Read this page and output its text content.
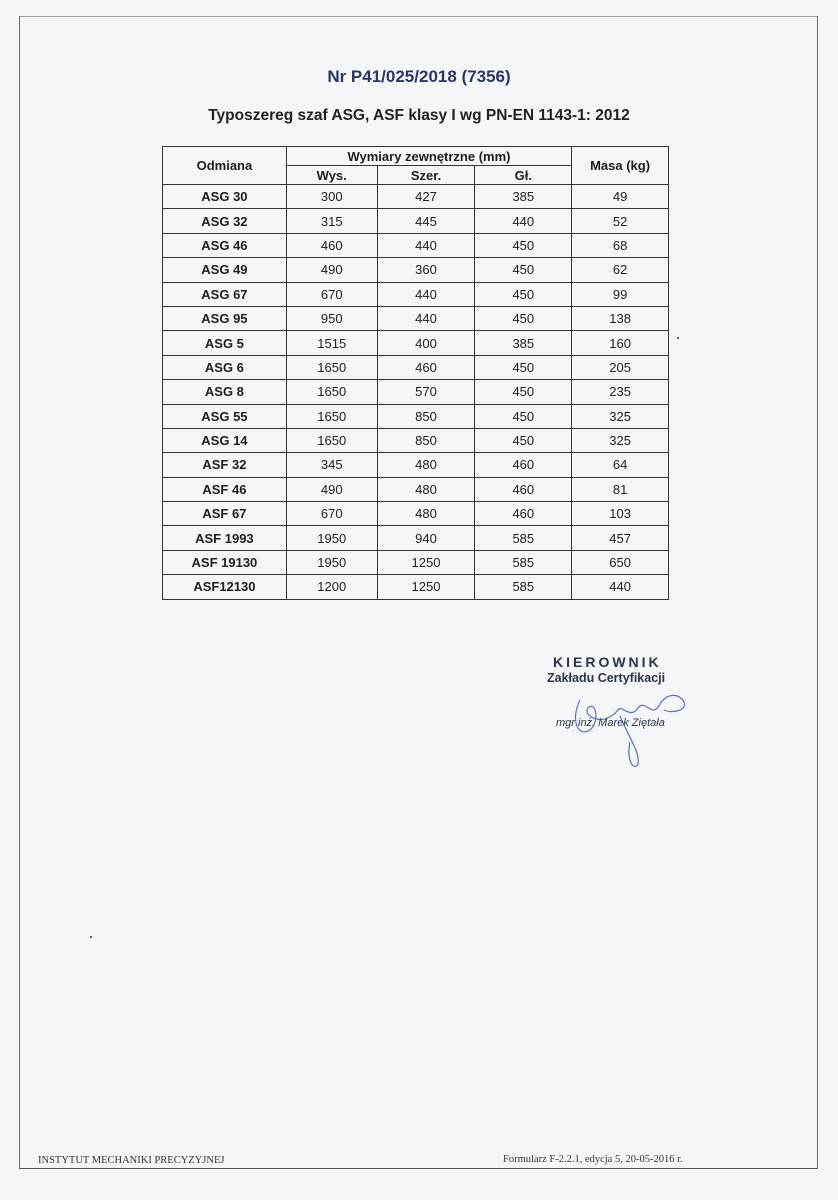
Nr P41/025/2018 (7356)
Typoszereg szaf ASG, ASF klasy I wg PN-EN 1143-1: 2012
Odmiana	Wymiary zewnętrzne (mm)			Masa (kg)
	Wys.	Szer.	Gł.	
ASG 30	300	427	385	49
ASG 32	315	445	440	52
ASG 46	460	440	450	68
ASG 49	490	360	450	62
ASG 67	670	440	450	99
ASG 95	950	440	450	138
ASG 5	1515	400	385	160
ASG 6	1650	460	450	205
ASG 8	1650	570	450	235
ASG 55	1650	850	450	325
ASG 14	1650	850	450	325
ASF 32	345	480	460	64
ASF 46	490	480	460	81
ASF 67	670	480	460	103
ASF 1993	1950	940	585	457
ASF 19130	1950	1250	585	650
ASF12130	1200	1250	585	440
KIEROWNIK
Zakładu Certyfikacji
mgr inż. Marek Ziętała
INSTYTUT MECHANIKI PRECYZYJNEJ	Formularz F-2.2.1, edycja 5, 20-05-2016 r.
